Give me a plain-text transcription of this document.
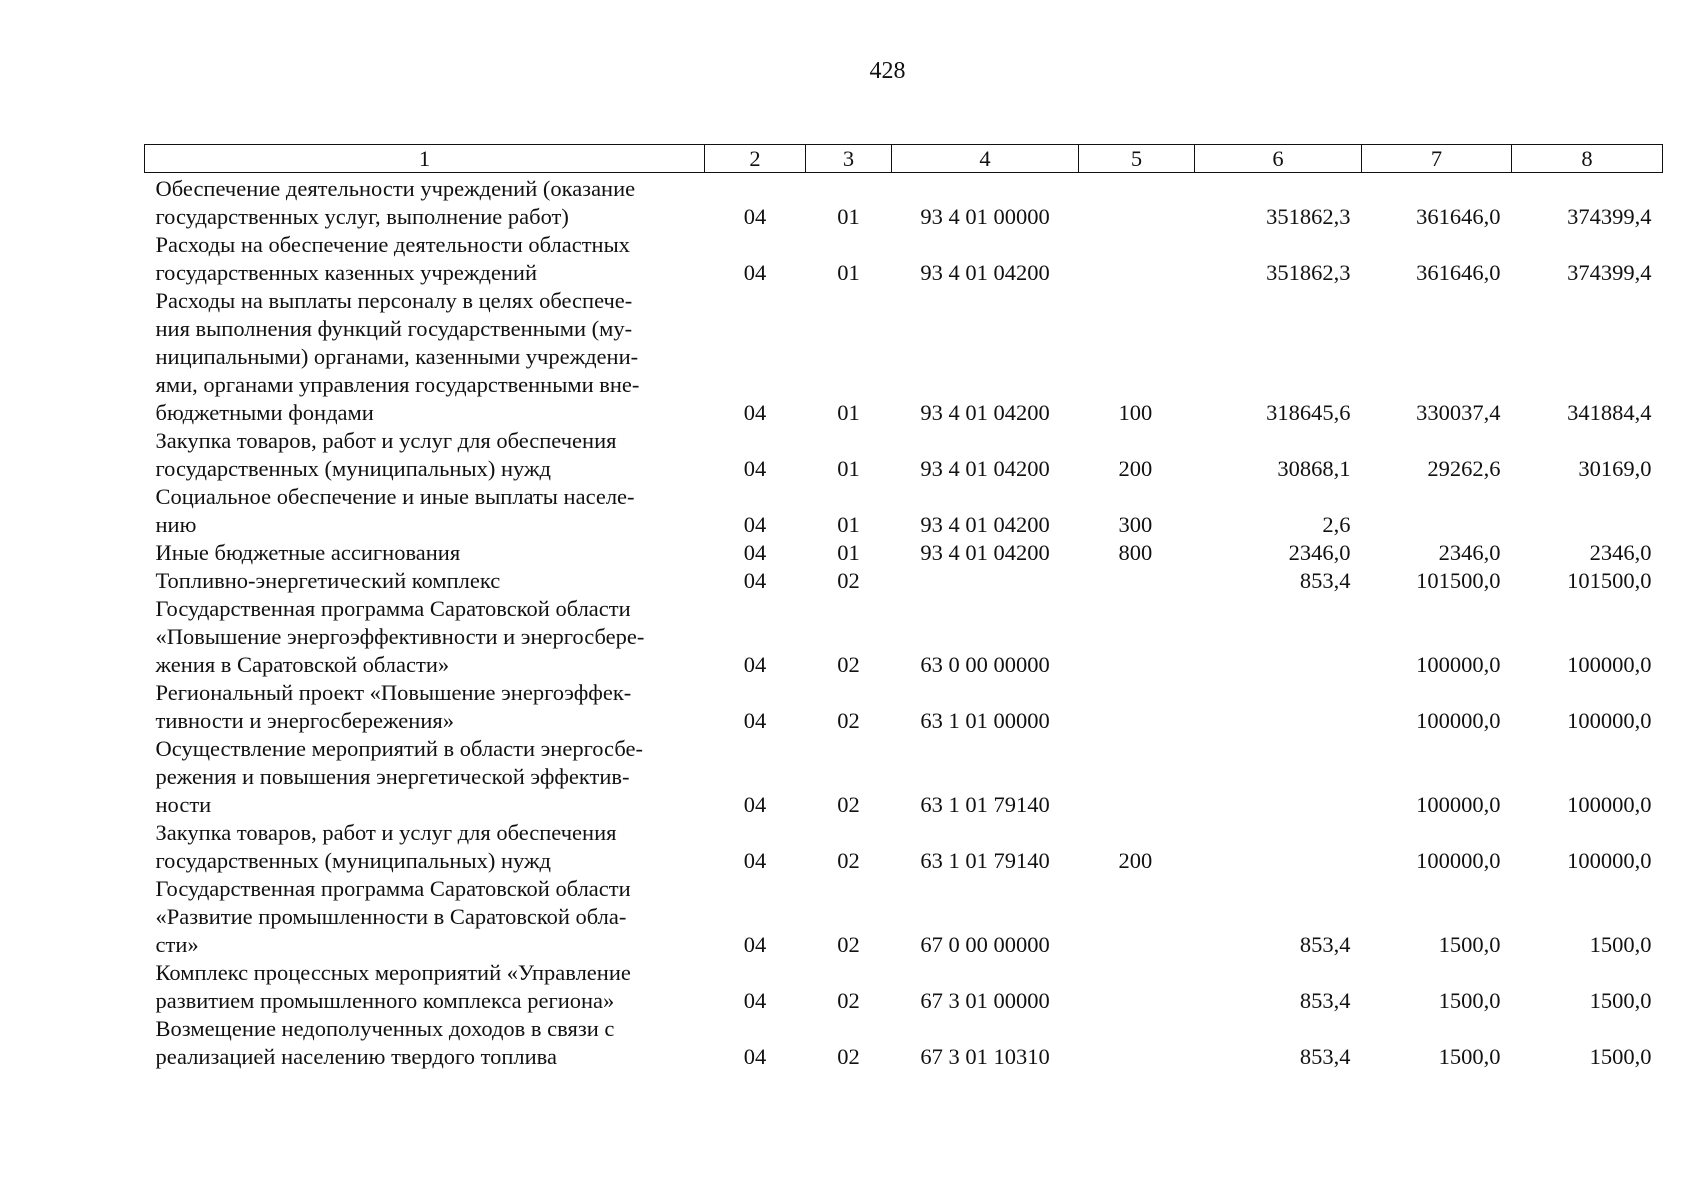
428
1	2	3	4	5	6	7	8
Обеспечение деятельности учреждений (оказание
государственных услуг, выполнение работ)	04	01	93 4 01 00000		351862,3	361646,0	374399,4
Расходы на обеспечение деятельности областных
государственных казенных учреждений	04	01	93 4 01 04200		351862,3	361646,0	374399,4
Расходы на выплаты персоналу в целях обеспече-
ния выполнения функций государственными (му-
ниципальными) органами, казенными учреждени-
ями, органами управления государственными вне-
бюджетными фондами	04	01	93 4 01 04200	100	318645,6	330037,4	341884,4
Закупка товаров, работ и услуг для обеспечения
государственных (муниципальных) нужд	04	01	93 4 01 04200	200	30868,1	29262,6	30169,0
Социальное обеспечение и иные выплаты населе-
нию	04	01	93 4 01 04200	300	2,6		
Иные бюджетные ассигнования	04	01	93 4 01 04200	800	2346,0	2346,0	2346,0
Топливно-энергетический комплекс	04	02			853,4	101500,0	101500,0
Государственная программа Саратовской области
«Повышение энергоэффективности и энергосбере-
жения в Саратовской области»	04	02	63 0 00 00000			100000,0	100000,0
Региональный проект «Повышение энергоэффек-
тивности и энергосбережения»	04	02	63 1 01 00000			100000,0	100000,0
Осуществление мероприятий в области энергосбе-
режения и повышения энергетической эффектив-
ности	04	02	63 1 01 79140			100000,0	100000,0
Закупка товаров, работ и услуг для обеспечения
государственных (муниципальных) нужд	04	02	63 1 01 79140	200		100000,0	100000,0
Государственная программа Саратовской области
«Развитие промышленности в Саратовской обла-
сти»	04	02	67 0 00 00000		853,4	1500,0	1500,0
Комплекс процессных мероприятий «Управление
развитием промышленного комплекса региона»	04	02	67 3 01 00000		853,4	1500,0	1500,0
Возмещение недополученных доходов в связи с
реализацией населению твердого топлива	04	02	67 3 01 10310		853,4	1500,0	1500,0
